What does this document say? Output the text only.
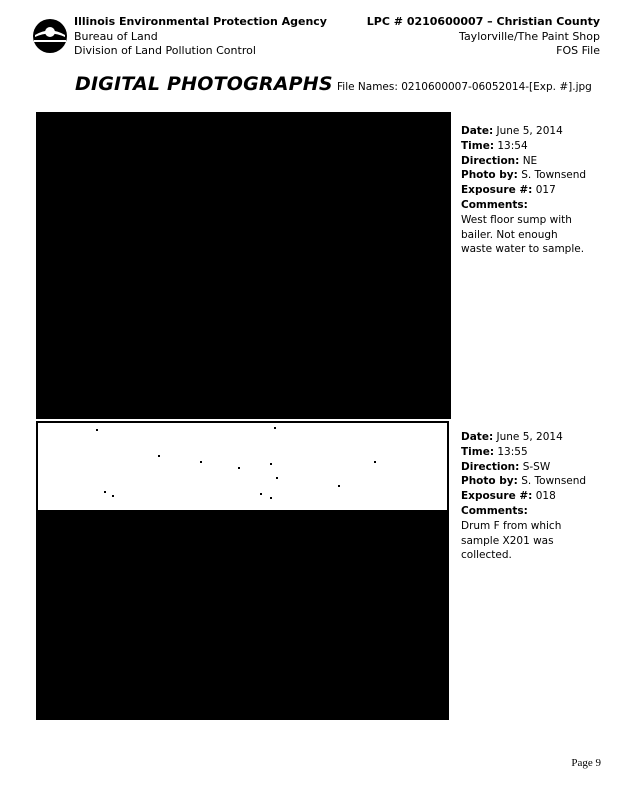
Illinois Environmental Protection Agency
Bureau of Land
Division of Land Pollution Control
LPC # 0210600007 – Christian County
Taylorville/The Paint Shop
FOS File
DIGITAL PHOTOGRAPHS File Names: 0210600007-06052014-[Exp. #].jpg
Date: June 5, 2014
Time: 13:54
Direction: NE
Photo by: S. Townsend
Exposure #: 017
Comments:
West floor sump with
bailer. Not enough
waste water to sample.
Date: June 5, 2014
Time: 13:55
Direction: S-SW
Photo by: S. Townsend
Exposure #: 018
Comments:
Drum F from which
sample X201 was
collected.
Page 9
